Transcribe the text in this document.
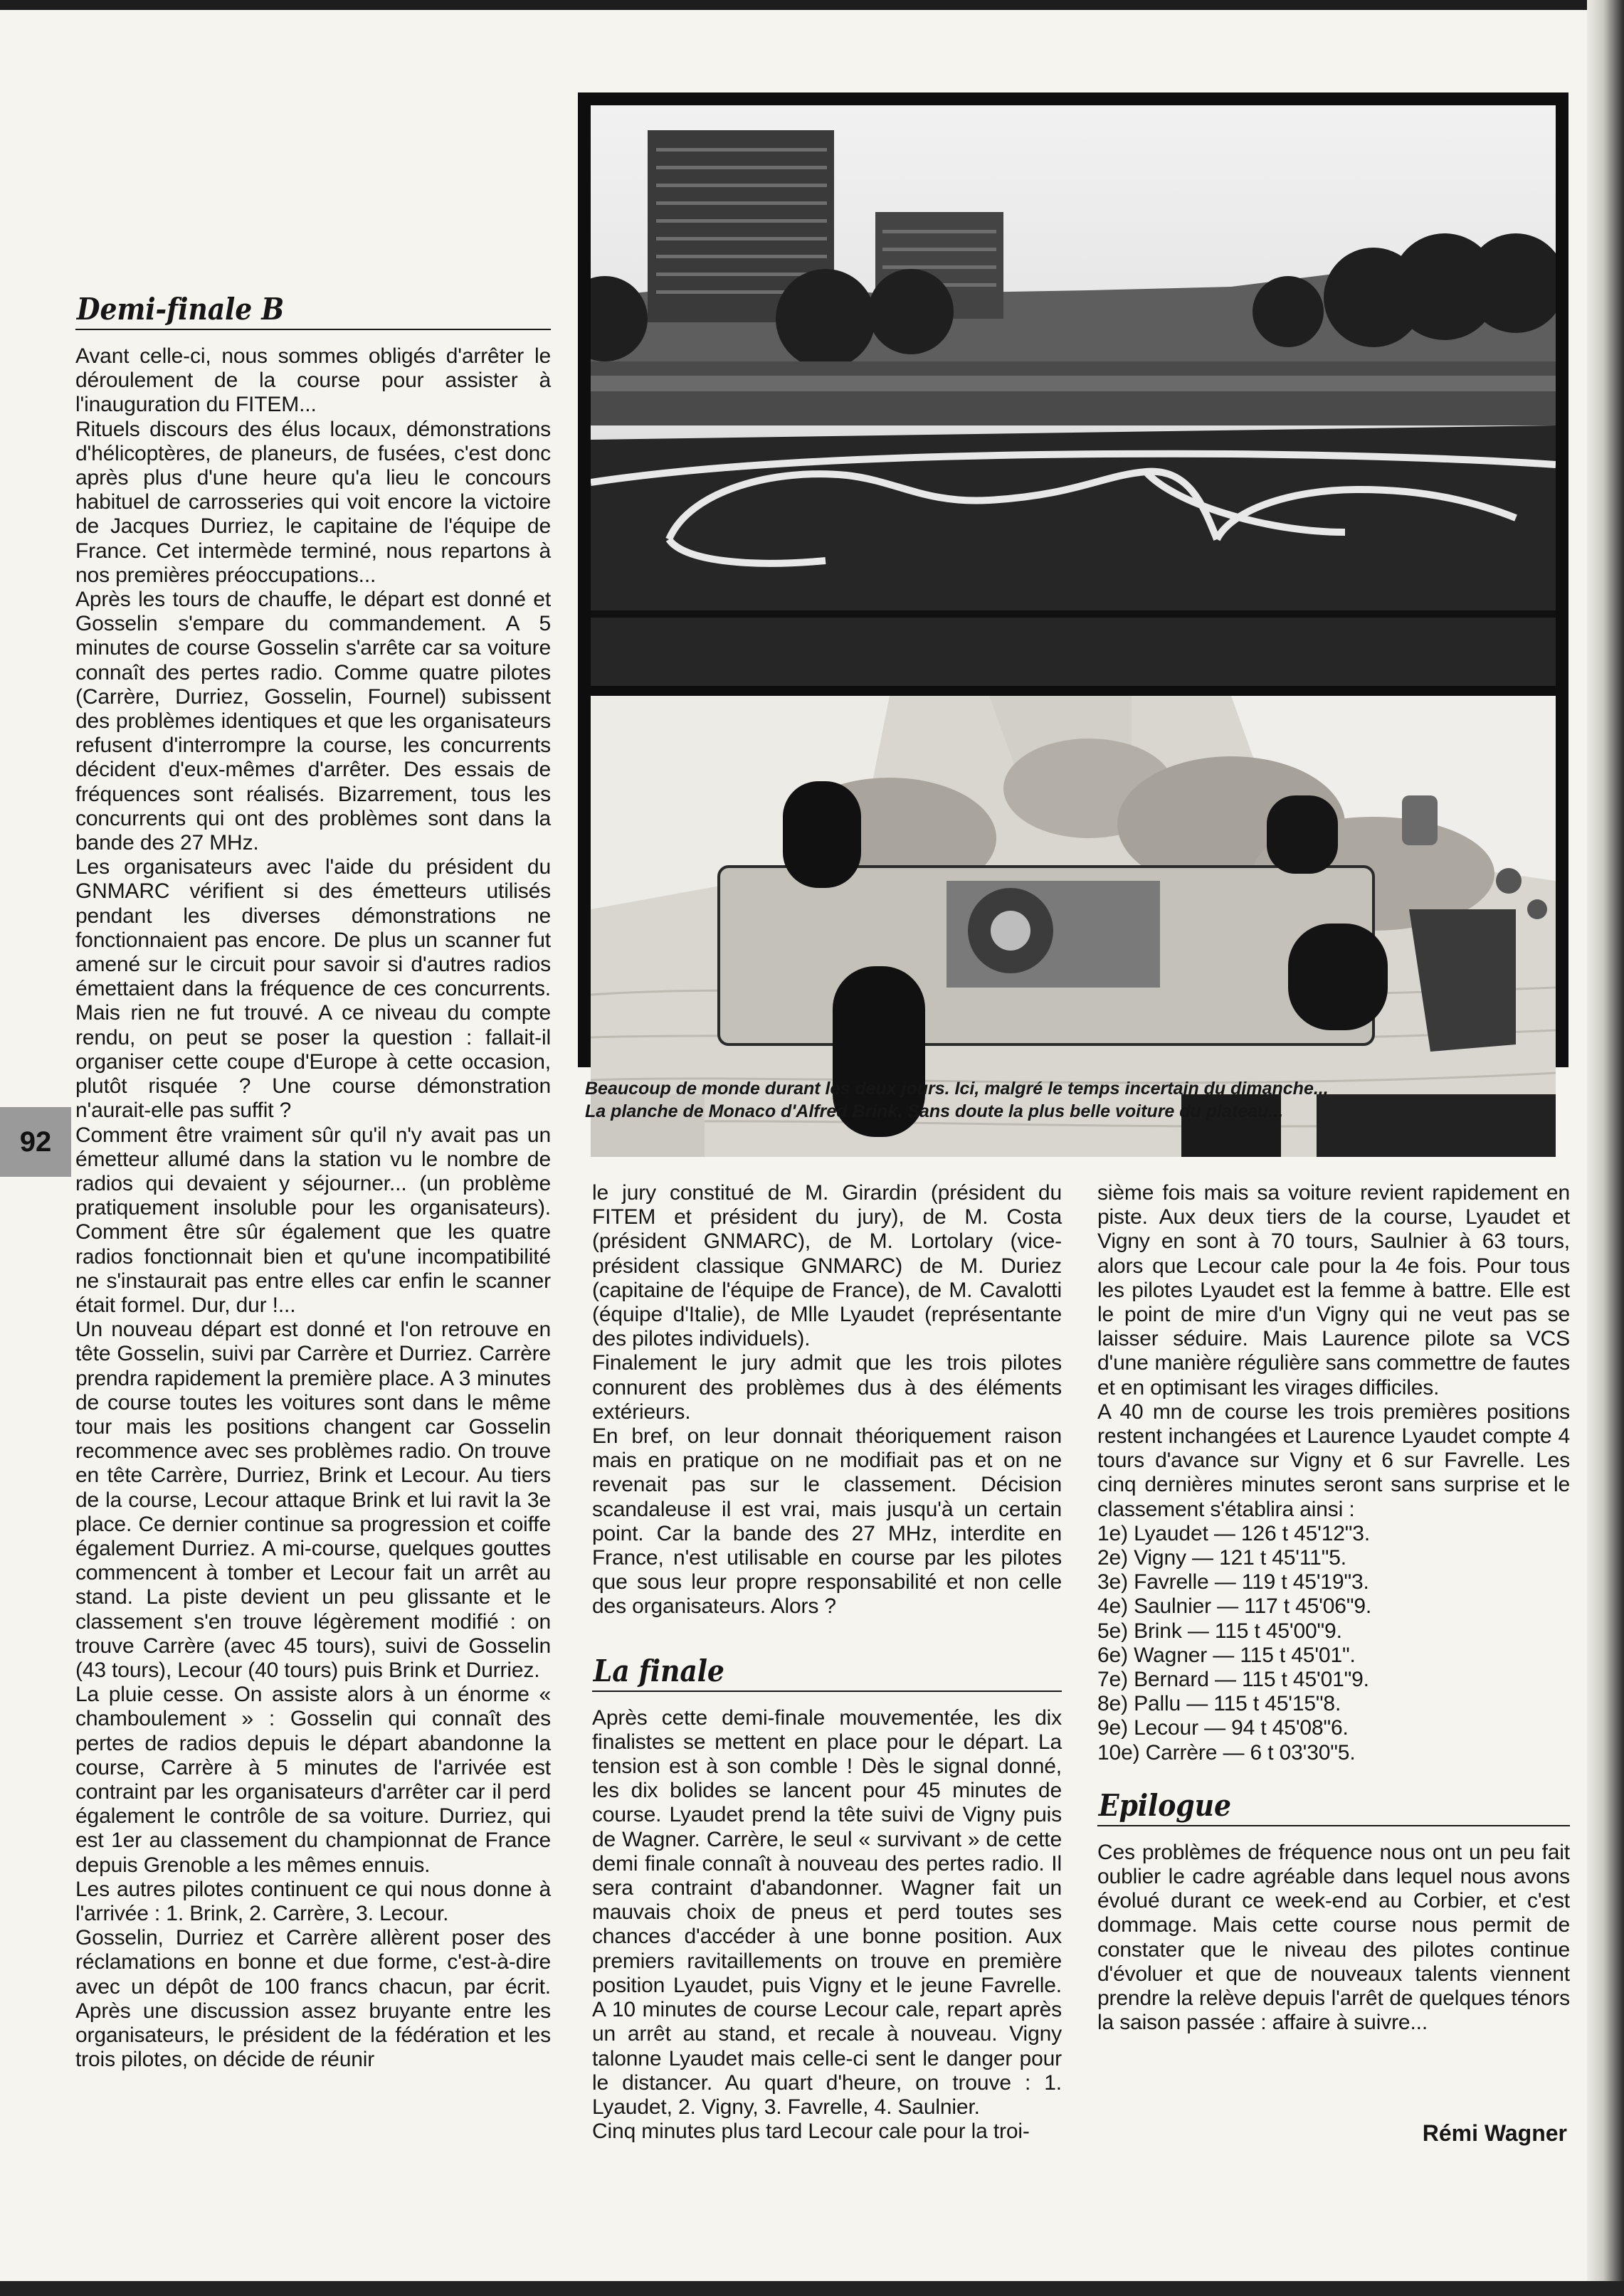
92
Demi-finale B

Avant celle-ci, nous sommes obligés d'arrêter le déroulement de la course pour assister à l'inauguration du FITEM...

Rituels discours des élus locaux, démonstrations d'hélicoptères, de planeurs, de fusées, c'est donc après plus d'une heure qu'a lieu le concours habituel de carrosseries qui voit encore la victoire de Jacques Durriez, le capitaine de l'équipe de France. Cet intermède terminé, nous repartons à nos premières préoccupations...

Après les tours de chauffe, le départ est donné et Gosselin s'empare du commandement. A 5 minutes de course Gosselin s'arrête car sa voiture connaît des pertes radio. Comme quatre pilotes (Carrère, Durriez, Gosselin, Fournel) subissent des problèmes identiques et que les organisateurs refusent d'interrompre la course, les concurrents décident d'eux-mêmes d'arrêter. Des essais de fréquences sont réalisés. Bizarrement, tous les concurrents qui ont des problèmes sont dans la bande des 27 MHz.

Les organisateurs avec l'aide du président du GNMARC vérifient si des émetteurs utilisés pendant les diverses démonstrations ne fonctionnaient pas encore. De plus un scanner fut amené sur le circuit pour savoir si d'autres radios émettaient dans la fréquence de ces concurrents. Mais rien ne fut trouvé. A ce niveau du compte rendu, on peut se poser la question : fallait-il organiser cette coupe d'Europe à cette occasion, plutôt risquée ? Une course démonstration n'aurait-elle pas suffit ?

Comment être vraiment sûr qu'il n'y avait pas un émetteur allumé dans la station vu le nombre de radios qui devaient y séjourner... (un problème pratiquement insoluble pour les organisateurs). Comment être sûr également que les quatre radios fonctionnait bien et qu'une incompatibilité ne s'instaurait pas entre elles car enfin le scanner était formel. Dur, dur !...

Un nouveau départ est donné et l'on retrouve en tête Gosselin, suivi par Carrère et Durriez. Carrère prendra rapidement la première place. A 3 minutes de course toutes les voitures sont dans le même tour mais les positions changent car Gosselin recommence avec ses problèmes radio. On trouve en tête Carrère, Durriez, Brink et Lecour. Au tiers de la course, Lecour attaque Brink et lui ravit la 3e place. Ce dernier continue sa progression et coiffe également Durriez. A mi-course, quelques gouttes commencent à tomber et Lecour fait un arrêt au stand. La piste devient un peu glissante et le classement s'en trouve légèrement modifié : on trouve Carrère (avec 45 tours), suivi de Gosselin (43 tours), Lecour (40 tours) puis Brink et Durriez.

La pluie cesse. On assiste alors à un énorme « chamboulement » : Gosselin qui connaît des pertes de radios depuis le départ abandonne la course, Carrère à 5 minutes de l'arrivée est contraint par les organisateurs d'arrêter car il perd également le contrôle de sa voiture. Durriez, qui est 1er au classement du championnat de France depuis Grenoble a les mêmes ennuis.

Les autres pilotes continuent ce qui nous donne à l'arrivée : 1. Brink, 2. Carrère, 3. Lecour.

Gosselin, Durriez et Carrère allèrent poser des réclamations en bonne et due forme, c'est-à-dire avec un dépôt de 100 francs chacun, par écrit. Après une discussion assez bruyante entre les organisateurs, le président de la fédération et les trois pilotes, on décide de réunir

Beaucoup de monde durant les deux jours. Ici, malgré le temps incertain du dimanche...
La planche de Monaco d'Alfred Brink. Sans doute la plus belle voiture du plateau...

le jury constitué de M. Girardin (président du FITEM et président du jury), de M. Costa (président GNMARC), de M. Lortolary (vice-président classique GNMARC) de M. Duriez (capitaine de l'équipe de France), de M. Cavalotti (équipe d'Italie), de Mlle Lyaudet (représentante des pilotes individuels).

Finalement le jury admit que les trois pilotes connurent des problèmes dus à des éléments extérieurs.

En bref, on leur donnait théoriquement raison mais en pratique on ne modifiait pas et on ne revenait pas sur le classement. Décision scandaleuse il est vrai, mais jusqu'à un certain point. Car la bande des 27 MHz, interdite en France, n'est utilisable en course par les pilotes que sous leur propre responsabilité et non celle des organisateurs. Alors ?

La finale

Après cette demi-finale mouvementée, les dix finalistes se mettent en place pour le départ. La tension est à son comble ! Dès le signal donné, les dix bolides se lancent pour 45 minutes de course. Lyaudet prend la tête suivi de Vigny puis de Wagner. Carrère, le seul « survivant » de cette demi finale connaît à nouveau des pertes radio. Il sera contraint d'abandonner. Wagner fait un mauvais choix de pneus et perd toutes ses chances d'accéder à une bonne position. Aux premiers ravitaillements on trouve en première position Lyaudet, puis Vigny et le jeune Favrelle. A 10 minutes de course Lecour cale, repart après un arrêt au stand, et recale à nouveau. Vigny talonne Lyaudet mais celle-ci sent le danger pour le distancer. Au quart d'heure, on trouve : 1. Lyaudet, 2. Vigny, 3. Favrelle, 4. Saulnier.

Cinq minutes plus tard Lecour cale pour la troi-

sième fois mais sa voiture revient rapidement en piste. Aux deux tiers de la course, Lyaudet et Vigny en sont à 70 tours, Saulnier à 63 tours, alors que Lecour cale pour la 4e fois. Pour tous les pilotes Lyaudet est la femme à battre. Elle est le point de mire d'un Vigny qui ne veut pas se laisser séduire. Mais Laurence pilote sa VCS d'une manière régulière sans commettre de fautes et en optimisant les virages difficiles.

A 40 mn de course les trois premières positions restent inchangées et Laurence Lyaudet compte 4 tours d'avance sur Vigny et 6 sur Favrelle. Les cinq dernières minutes seront sans surprise et le classement s'établira ainsi :

1e) Lyaudet — 126 t 45'12"3.

2e) Vigny — 121 t 45'11"5.

3e) Favrelle — 119 t 45'19"3.

4e) Saulnier — 117 t 45'06"9.

5e) Brink — 115 t 45'00"9.

6e) Wagner — 115 t 45'01".

7e) Bernard — 115 t 45'01"9.

8e) Pallu — 115 t 45'15"8.

9e) Lecour — 94 t 45'08"6.

10e) Carrère — 6 t 03'30"5.

Epilogue

Ces problèmes de fréquence nous ont un peu fait oublier le cadre agréable dans lequel nous avons évolué durant ce week-end au Corbier, et c'est dommage. Mais cette course nous permit de constater que le niveau des pilotes continue d'évoluer et que de nouveaux talents viennent prendre la relève depuis l'arrêt de quelques ténors la saison passée : affaire à suivre...

Rémi Wagner
